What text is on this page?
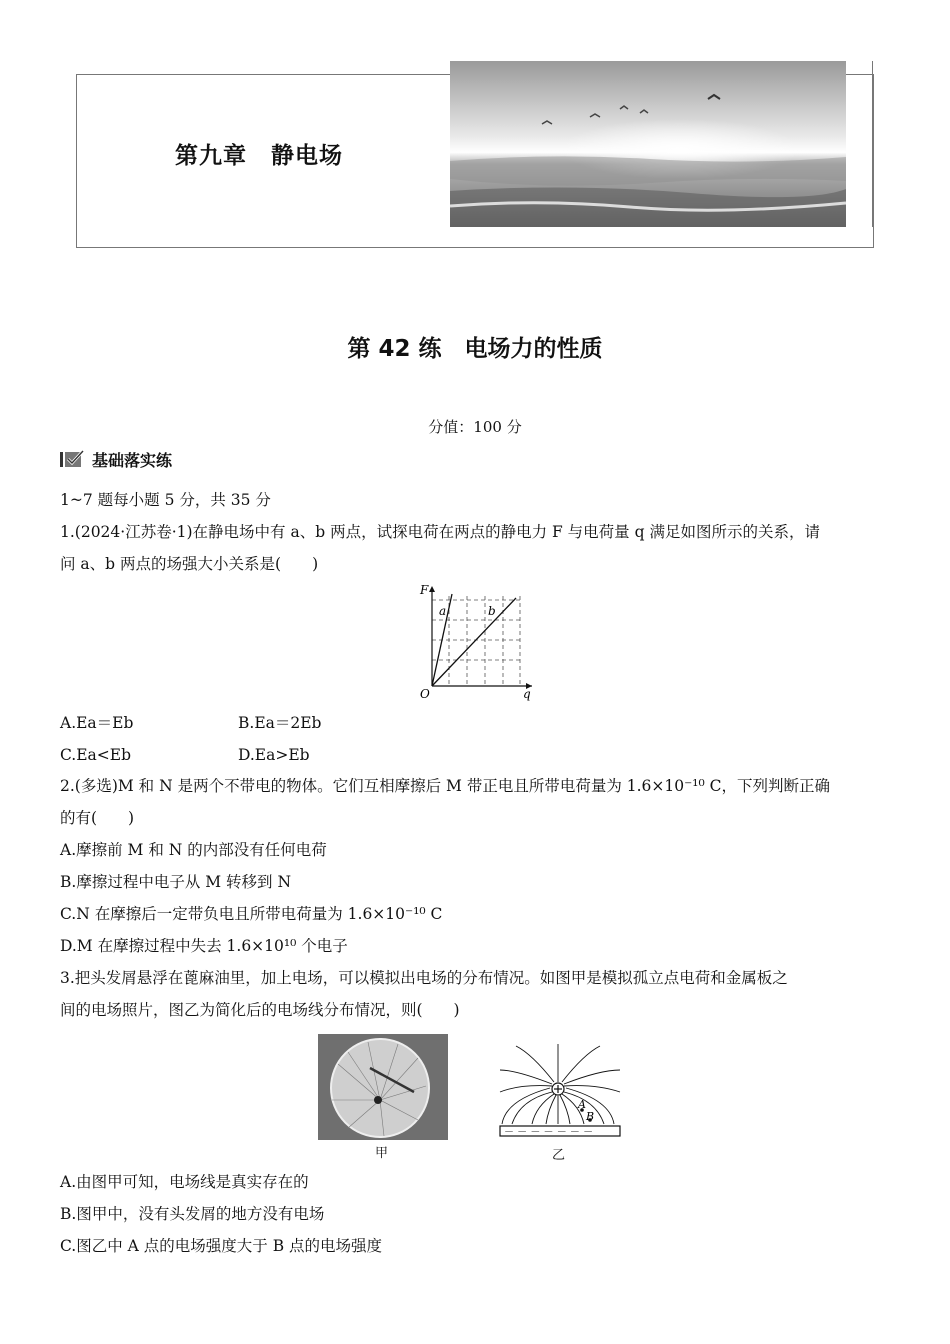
第九章　静电场
第 42 练　电场力的性质
分值：100 分
基础落实练
1~7 题每小题 5 分，共 35 分
1.(2024·江苏卷·1)在静电场中有 a、b 两点，试探电荷在两点的静电力 F 与电荷量 q 满足如图所示的关系，请
问 a、b 两点的场强大小关系是(　　)
F
q
O
a	b
A.Ea＝Eb	B.Ea＝2Eb
C.Ea<Eb	D.Ea>Eb
2.(多选)M 和 N 是两个不带电的物体。它们互相摩擦后 M 带正电且所带电荷量为 1.6×10⁻¹⁰ C，下列判断正确
的有(　　)
A.摩擦前 M 和 N 的内部没有任何电荷
B.摩擦过程中电子从 M 转移到 N
C.N 在摩擦后一定带负电且所带电荷量为 1.6×10⁻¹⁰ C
D.M 在摩擦过程中失去 1.6×10¹⁰ 个电子
3.把头发屑悬浮在蓖麻油里，加上电场，可以模拟出电场的分布情况。如图甲是模拟孤立点电荷和金属板之
间的电场照片，图乙为简化后的电场线分布情况，则(　　)
甲
－ － － － － － －
A
B
乙
A.由图甲可知，电场线是真实存在的
B.图甲中，没有头发屑的地方没有电场
C.图乙中 A 点的电场强度大于 B 点的电场强度
